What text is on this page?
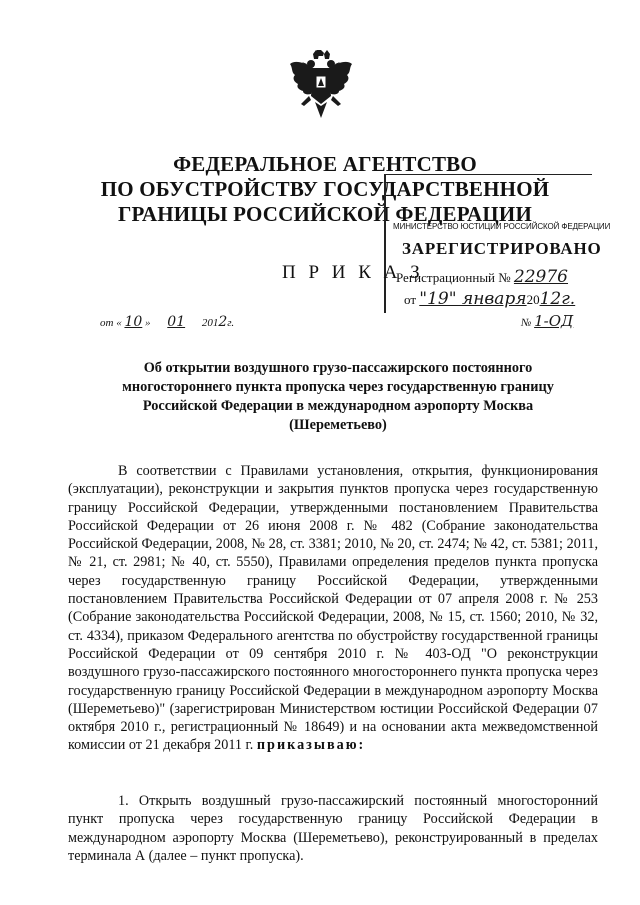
ФЕДЕРАЛЬНОЕ АГЕНТСТВО
ПО ОБУСТРОЙСТВУ ГОСУДАРСТВЕННОЙ
ГРАНИЦЫ РОССИЙСКОЙ ФЕДЕРАЦИИ
МИНИСТЕРСТВО ЮСТИЦИИ РОССИЙСКОЙ ФЕДЕРАЦИИ
ЗАРЕГИСТРИРОВАНО
Регистрационный № 22976
от "19" января2012г.
П Р И К А З
от « 10 » 01 2012г.	№ 1-ОД
Об открытии воздушного грузо-пассажирского постоянного многостороннего пункта пропуска через государственную границу Российской Федерации в международном аэропорту Москва (Шереметьево)
В соответствии с Правилами установления, открытия, функционирования (эксплуатации), реконструкции и закрытия пунктов пропуска через государственную границу Российской Федерации, утвержденными постановлением Правительства Российской Федерации от 26 июня 2008 г. № 482 (Собрание законодательства Российской Федерации, 2008, № 28, ст. 3381; 2010, № 20, ст. 2474; № 42, ст. 5381; 2011, № 21, ст. 2981; № 40, ст. 5550), Правилами определения пределов пункта пропуска через государственную границу Российской Федерации, утвержденными постановлением Правительства Российской Федерации от 07 апреля 2008 г. № 253 (Собрание законодательства Российской Федерации, 2008, № 15, ст. 1560; 2010, № 32, ст. 4334), приказом Федерального агентства по обустройству государственной границы Российской Федерации от 09 сентября 2010 г. № 403-ОД "О реконструкции воздушного грузо-пассажирского постоянного многостороннего пункта пропуска через государственную границу Российской Федерации в международном аэропорту Москва (Шереметьево)" (зарегистрирован Министерством юстиции Российской Федерации 07 октября 2010 г., регистрационный № 18649) и на основании акта межведомственной комиссии от 21 декабря 2011 г. приказываю:
1. Открыть воздушный грузо-пассажирский постоянный многосторонний пункт пропуска через государственную границу Российской Федерации в международном аэропорту Москва (Шереметьево), реконструированный в пределах терминала А (далее – пункт пропуска).
